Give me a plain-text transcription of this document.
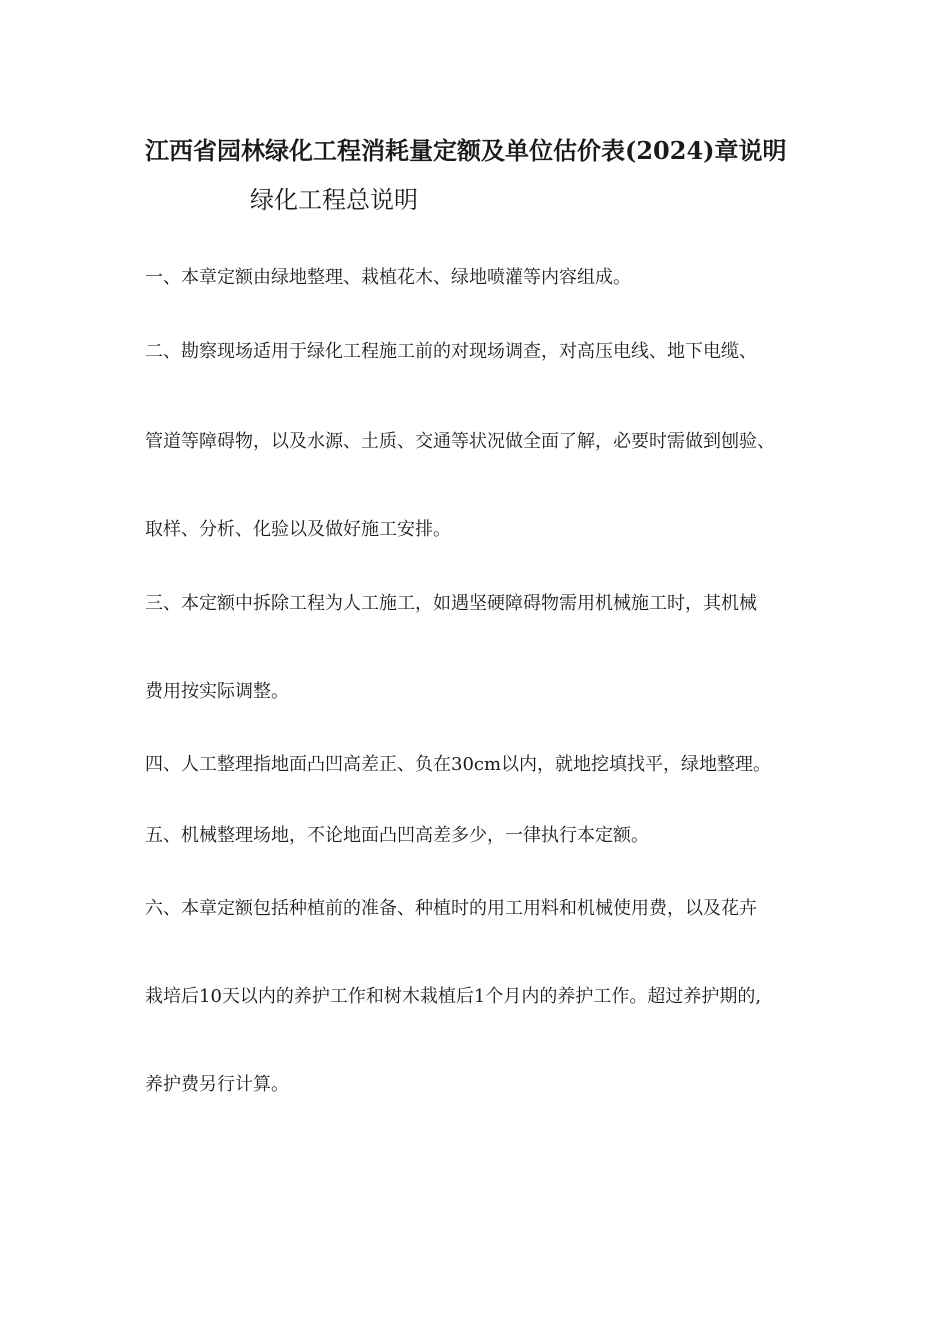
江西省园林绿化工程消耗量定额及单位估价表(2024)章说明
绿化工程总说明

一、本章定额由绿地整理、栽植花木、绿地喷灌等内容组成。

二、勘察现场适用于绿化工程施工前的对现场调查，对高压电线、地下电缆、

管道等障碍物，以及水源、土质、交通等状况做全面了解，必要时需做到刨验、

取样、分析、化验以及做好施工安排。

三、本定额中拆除工程为人工施工，如遇坚硬障碍物需用机械施工时，其机械

费用按实际调整。

四、人工整理指地面凸凹高差正、负在30cm以内，就地挖填找平，绿地整理。

五、机械整理场地，不论地面凸凹高差多少，一律执行本定额。

六、本章定额包括种植前的准备、种植时的用工用料和机械使用费，以及花卉

栽培后10天以内的养护工作和树木栽植后1个月内的养护工作。超过养护期的,

养护费另行计算。
